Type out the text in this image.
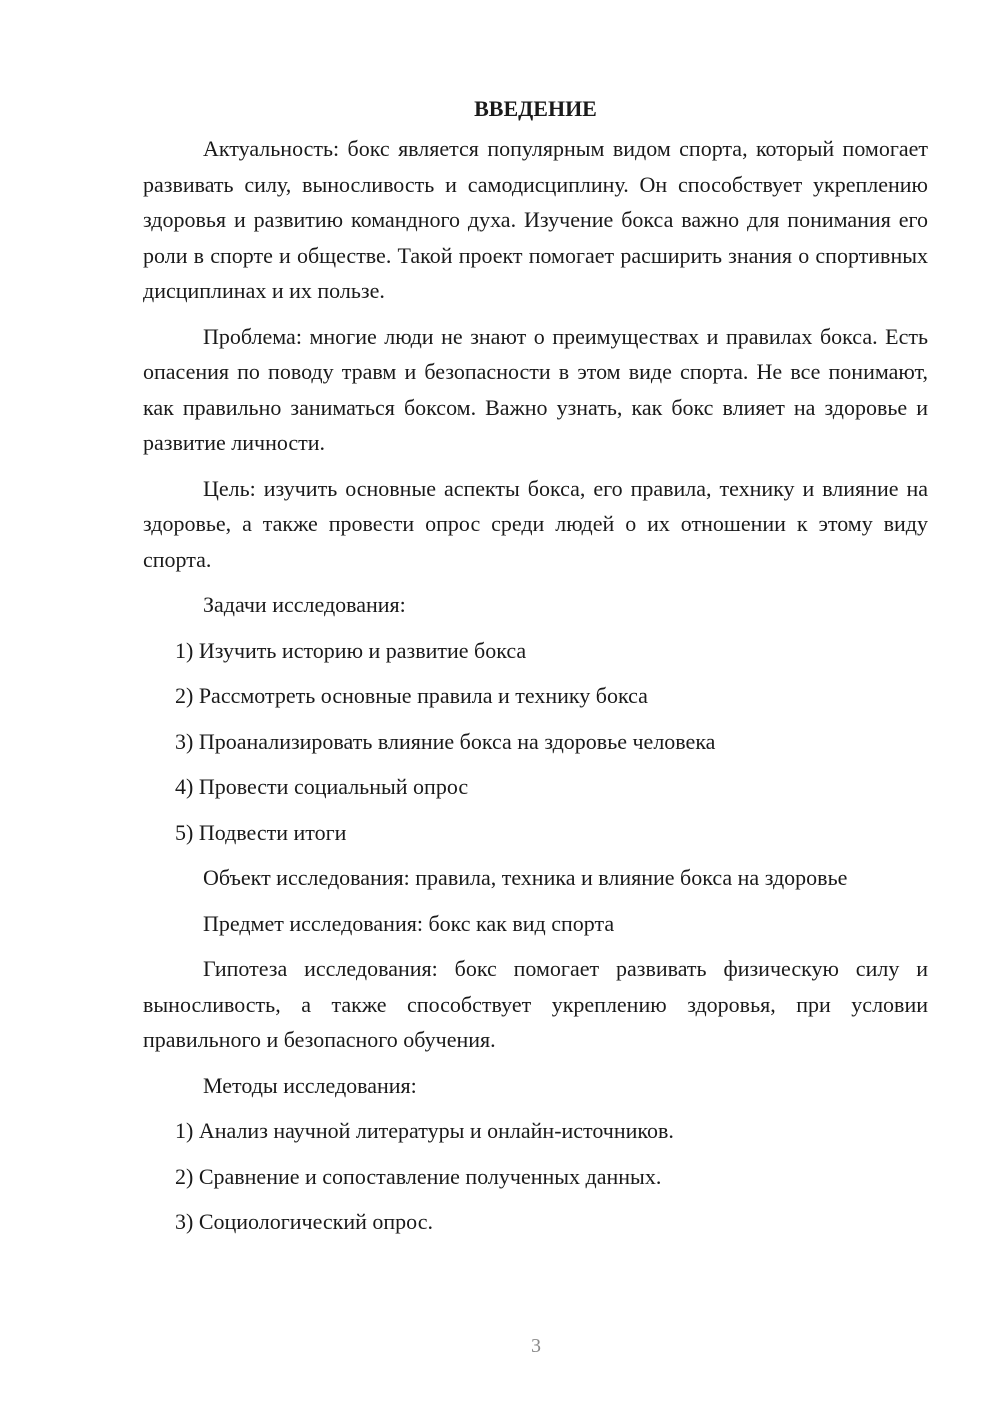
ВВЕДЕНИЕ

Актуальность: бокс является популярным видом спорта, который помогает развивать силу, выносливость и самодисциплину. Он способствует укреплению здоровья и развитию командного духа. Изучение бокса важно для понимания его роли в спорте и обществе. Такой проект помогает расширить знания о спортивных дисциплинах и их пользе.

Проблема: многие люди не знают о преимуществах и правилах бокса. Есть опасения по поводу травм и безопасности в этом виде спорта. Не все понимают, как правильно заниматься боксом. Важно узнать, как бокс влияет на здоровье и развитие личности.

Цель: изучить основные аспекты бокса, его правила, технику и влияние на здоровье, а также провести опрос среди людей о их отношении к этому виду спорта.

Задачи исследования:
1) Изучить историю и развитие бокса
2) Рассмотреть основные правила и технику бокса
3) Проанализировать влияние бокса на здоровье человека
4) Провести социальный опрос
5) Подвести итоги

Объект исследования: правила, техника и влияние бокса на здоровье

Предмет исследования: бокс как вид спорта

Гипотеза исследования: бокс помогает развивать физическую силу и выносливость, а также способствует укреплению здоровья, при условии правильного и безопасного обучения.

Методы исследования:
1) Анализ научной литературы и онлайн-источников.
2) Сравнение и сопоставление полученных данных.
3) Социологический опрос.
3
